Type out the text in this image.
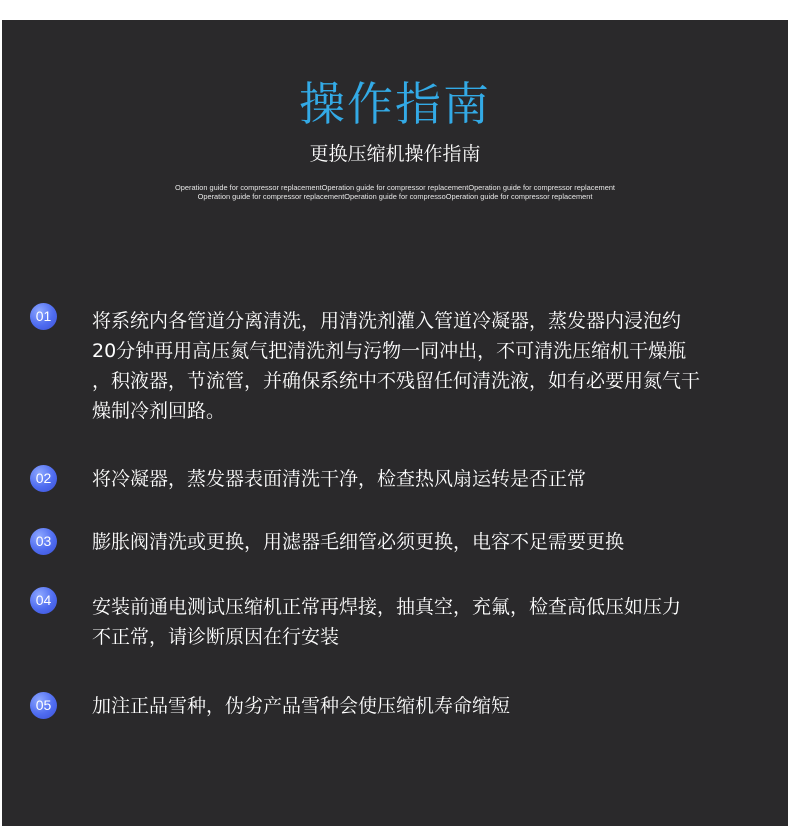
操作指南
更换压缩机操作指南
Operation guide for compressor replacementOperation guide for compressor replacementOperation guide for compressor replacement
Operation guide for compressor replacementOperation guide for compressoOperation guide for compressor replacement
01	将系统内各管道分离清洗，用清洗剂灌入管道冷凝器，蒸发器内浸泡约
20分钟再用高压氮气把清洗剂与污物一同冲出，不可清洗压缩机干燥瓶
，积液器，节流管，并确保系统中不残留任何清洗液，如有必要用氮气干
燥制冷剂回路。
02	将冷凝器，蒸发器表面清洗干净，检查热风扇运转是否正常
03	膨胀阀清洗或更换，用滤器毛细管必须更换，电容不足需要更换
04	安装前通电测试压缩机正常再焊接，抽真空，充氟，检查高低压如压力
不正常，请诊断原因在行安装
05	加注正品雪种，伪劣产品雪种会使压缩机寿命缩短
